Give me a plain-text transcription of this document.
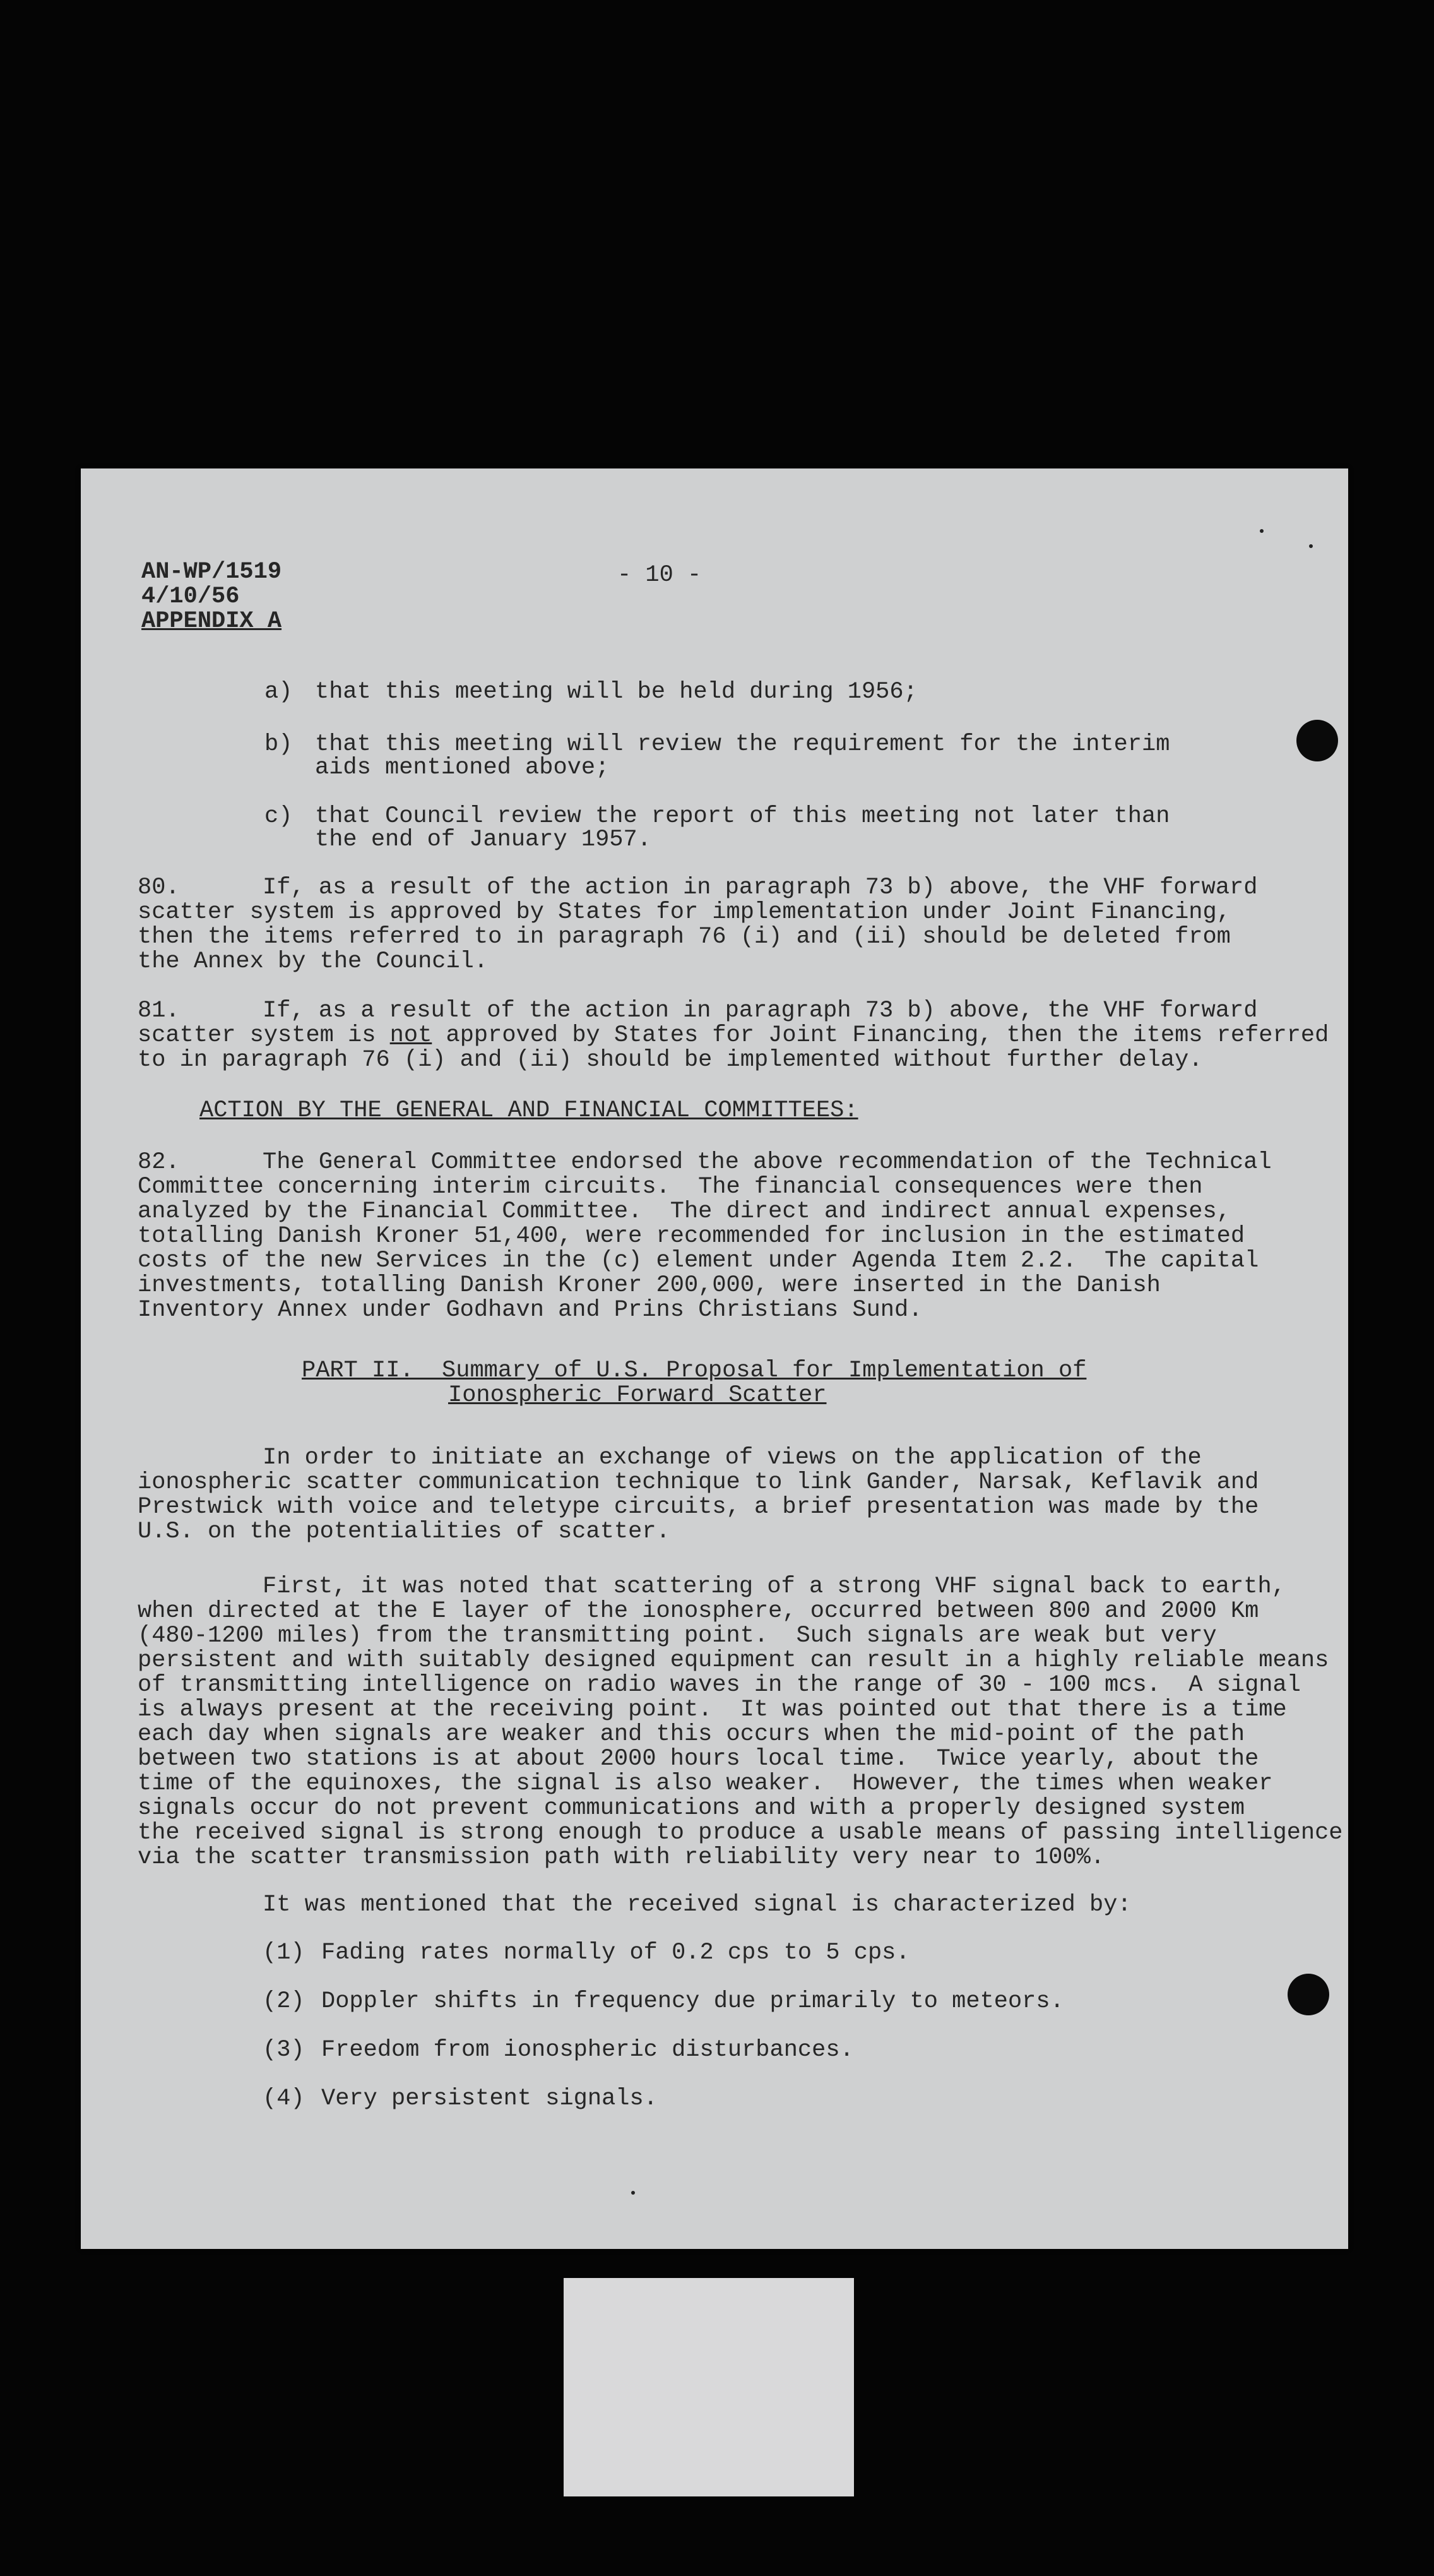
AN-WP/1519
4/10/56
APPENDIX A
- 10 -
a) that this meeting will be held during 1956;
b) that this meeting will review the requirement for the interim
aids mentioned above;
c) that Council review the report of this meeting not later than
the end of January 1957.
80.	If, as a result of the action in paragraph 73 b) above, the VHF forward
scatter system is approved by States for implementation under Joint Financing,
then the items referred to in paragraph 76 (i) and (ii) should be deleted from
the Annex by the Council.
81.	If, as a result of the action in paragraph 73 b) above, the VHF forward
scatter system is not approved by States for Joint Financing, then the items referred
to in paragraph 76 (i) and (ii) should be implemented without further delay.
ACTION BY THE GENERAL AND FINANCIAL COMMITTEES:
82.	The General Committee endorsed the above recommendation of the Technical
Committee concerning interim circuits.  The financial consequences were then
analyzed by the Financial Committee.  The direct and indirect annual expenses,
totalling Danish Kroner 51,400, were recommended for inclusion in the estimated
costs of the new Services in the (c) element under Agenda Item 2.2.  The capital
investments, totalling Danish Kroner 200,000, were inserted in the Danish
Inventory Annex under Godhavn and Prins Christians Sund.
PART II.  Summary of U.S. Proposal for Implementation of
Ionospheric Forward Scatter
In order to initiate an exchange of views on the application of the
ionospheric scatter communication technique to link Gander, Narsak, Keflavik and
Prestwick with voice and teletype circuits, a brief presentation was made by the
U.S. on the potentialities of scatter.
First, it was noted that scattering of a strong VHF signal back to earth,
when directed at the E layer of the ionosphere, occurred between 800 and 2000 Km
(480-1200 miles) from the transmitting point.  Such signals are weak but very
persistent and with suitably designed equipment can result in a highly reliable means
of transmitting intelligence on radio waves in the range of 30 - 100 mcs.  A signal
is always present at the receiving point.  It was pointed out that there is a time
each day when signals are weaker and this occurs when the mid-point of the path
between two stations is at about 2000 hours local time.  Twice yearly, about the
time of the equinoxes, the signal is also weaker.  However, the times when weaker
signals occur do not prevent communications and with a properly designed system
the received signal is strong enough to produce a usable means of passing intelligence
via the scatter transmission path with reliability very near to 100%.
It was mentioned that the received signal is characterized by:
(1) Fading rates normally of 0.2 cps to 5 cps.
(2) Doppler shifts in frequency due primarily to meteors.
(3) Freedom from ionospheric disturbances.
(4) Very persistent signals.
